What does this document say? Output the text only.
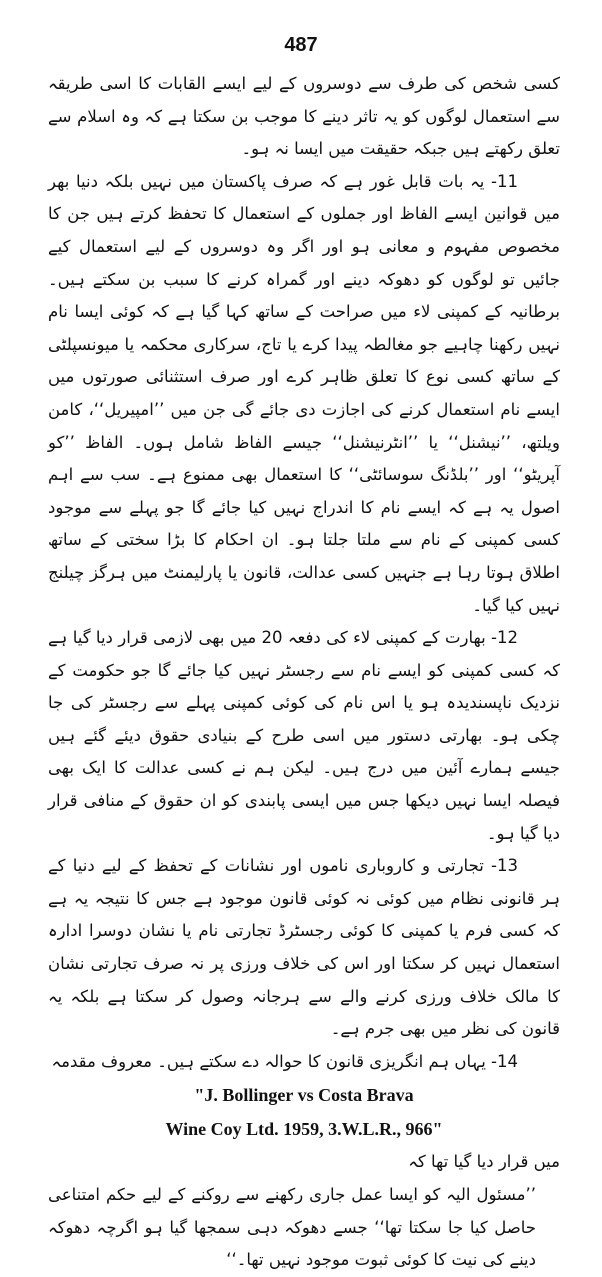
487

کسی شخص کی طرف سے دوسروں کے لیے ایسے القابات کا اسی طریقہ سے استعمال لوگوں کو یہ تاثر دینے کا موجب بن سکتا ہے کہ وہ اسلام سے تعلق رکھتے ہیں جبکہ حقیقت میں ایسا نہ ہو۔

11- یہ بات قابل غور ہے کہ صرف پاکستان میں نہیں بلکہ دنیا بھر میں قوانین ایسے الفاظ اور جملوں کے استعمال کا تحفظ کرتے ہیں جن کا مخصوص مفہوم و معانی ہو اور اگر وہ دوسروں کے لیے استعمال کیے جائیں تو لوگوں کو دھوکہ دینے اور گمراہ کرنے کا سبب بن سکتے ہیں۔ برطانیہ کے کمپنی لاء میں صراحت کے ساتھ کہا گیا ہے کہ کوئی ایسا نام نہیں رکھنا چاہیے جو مغالطہ پیدا کرے یا تاج، سرکاری محکمہ یا میونسپلٹی کے ساتھ کسی نوع کا تعلق ظاہر کرے اور صرف استثنائی صورتوں میں ایسے نام استعمال کرنے کی اجازت دی جائے گی جن میں ’’امپیریل‘‘، کامن ویلتھ، ’’نیشنل‘‘ یا ’’انٹرنیشنل‘‘ جیسے الفاظ شامل ہوں۔ الفاظ ’’کو آپریٹو‘‘ اور ’’بلڈنگ سوسائٹی‘‘ کا استعمال بھی ممنوع ہے۔ سب سے اہم اصول یہ ہے کہ ایسے نام کا اندراج نہیں کیا جائے گا جو پہلے سے موجود کسی کمپنی کے نام سے ملتا جلتا ہو۔ ان احکام کا بڑا سختی کے ساتھ اطلاق ہوتا رہا ہے جنہیں کسی عدالت، قانون یا پارلیمنٹ میں ہرگز چیلنج نہیں کیا گیا۔

12- بھارت کے کمپنی لاء کی دفعہ 20 میں بھی لازمی قرار دیا گیا ہے کہ کسی کمپنی کو ایسے نام سے رجسٹر نہیں کیا جائے گا جو حکومت کے نزدیک ناپسندیدہ ہو یا اس نام کی کوئی کمپنی پہلے سے رجسٹر کی جا چکی ہو۔ بھارتی دستور میں اسی طرح کے بنیادی حقوق دیئے گئے ہیں جیسے ہمارے آئین میں درج ہیں۔ لیکن ہم نے کسی عدالت کا ایک بھی فیصلہ ایسا نہیں دیکھا جس میں ایسی پابندی کو ان حقوق کے منافی قرار دیا گیا ہو۔

13- تجارتی و کاروباری ناموں اور نشانات کے تحفظ کے لیے دنیا کے ہر قانونی نظام میں کوئی نہ کوئی قانون موجود ہے جس کا نتیجہ یہ ہے کہ کسی فرم یا کمپنی کا کوئی رجسٹرڈ تجارتی نام یا نشان دوسرا ادارہ استعمال نہیں کر سکتا اور اس کی خلاف ورزی پر نہ صرف تجارتی نشان کا مالک خلاف ورزی کرنے والے سے ہرجانہ وصول کر سکتا ہے بلکہ یہ قانون کی نظر میں بھی جرم ہے۔

14- یہاں ہم انگریزی قانون کا حوالہ دے سکتے ہیں۔ معروف مقدمہ

"J. Bollinger vs Costa Brava

Wine Coy Ltd. 1959, 3.W.L.R., 966"

میں قرار دیا گیا تھا کہ

’’مسئول الیہ کو ایسا عمل جاری رکھنے سے روکنے کے لیے حکم امتناعی حاصل کیا جا سکتا تھا‘‘ جسے دھوکہ دہی سمجھا گیا ہو اگرچہ دھوکہ دینے کی نیت کا کوئی ثبوت موجود نہیں تھا۔‘‘
